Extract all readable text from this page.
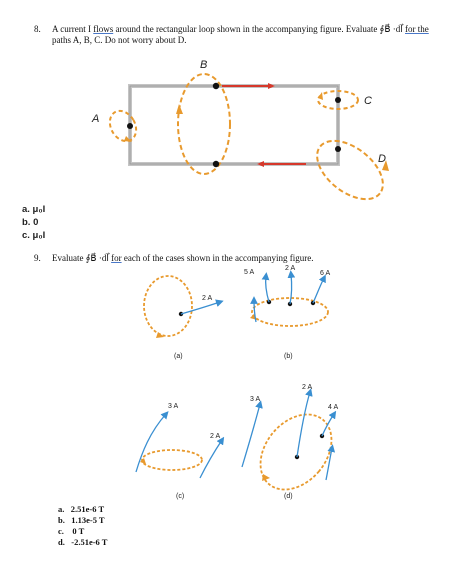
8. A current I flows around the rectangular loop shown in the accompanying figure. Evaluate ∮B⃗ ·dl⃗ for the
paths A, B, C. Do not worry about D.
A
B
C
D
a. μ₀I
b. 0
c. μ₀I
9. Evaluate ∮B⃗ ·dl⃗ for each of the cases shown in the accompanying figure.
2 A
(a)
5 A
2 A
6 A
(b)
3 A
2 A
(c)
2 A
3 A
4 A
(d)
a. 2.51e-6 T
b. 1.13e-5 T
c. 0 T
d. -2.51e-6 T
